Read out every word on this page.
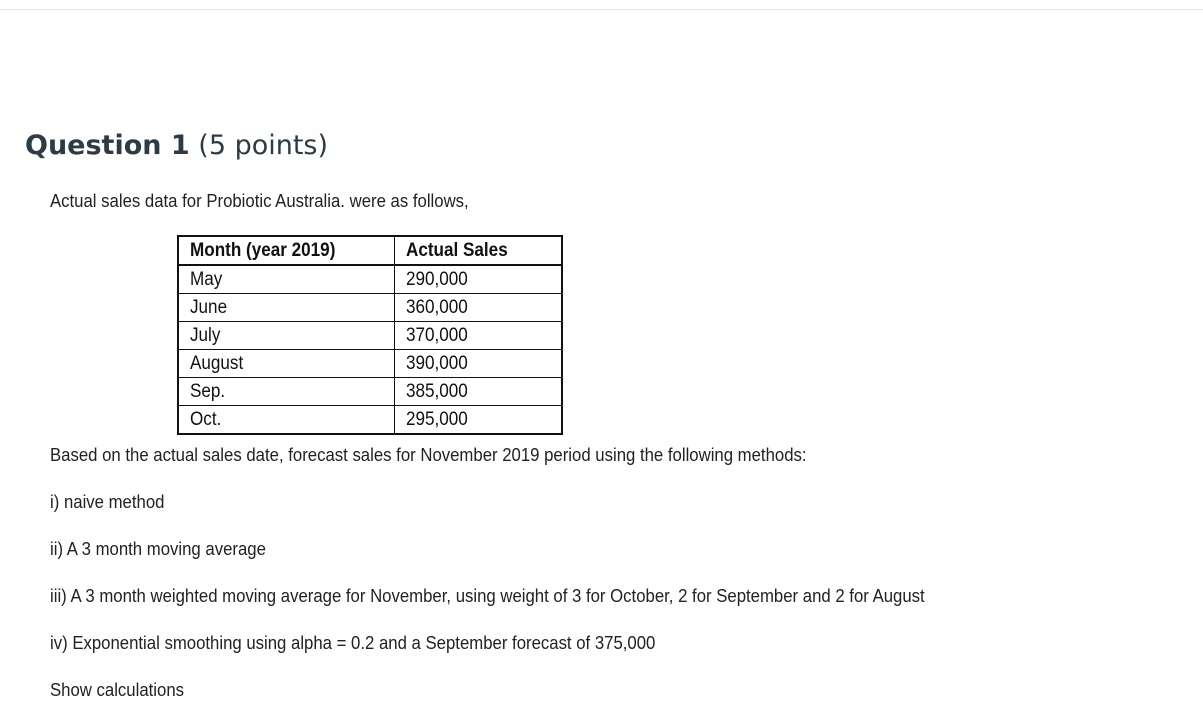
Question 1 (5 points)
Actual sales data for Probiotic Australia. were as follows,
Month (year 2019)	Actual Sales
May	290,000
June	360,000
July	370,000
August	390,000
Sep.	385,000
Oct.	295,000
Based on the actual sales date, forecast sales for November 2019 period using the following methods:
i) naive method
ii) A 3 month moving average
iii) A 3 month weighted moving average for November, using weight of 3 for October, 2 for September and 2 for August
iv) Exponential smoothing using alpha = 0.2 and a September forecast of 375,000
Show calculations
